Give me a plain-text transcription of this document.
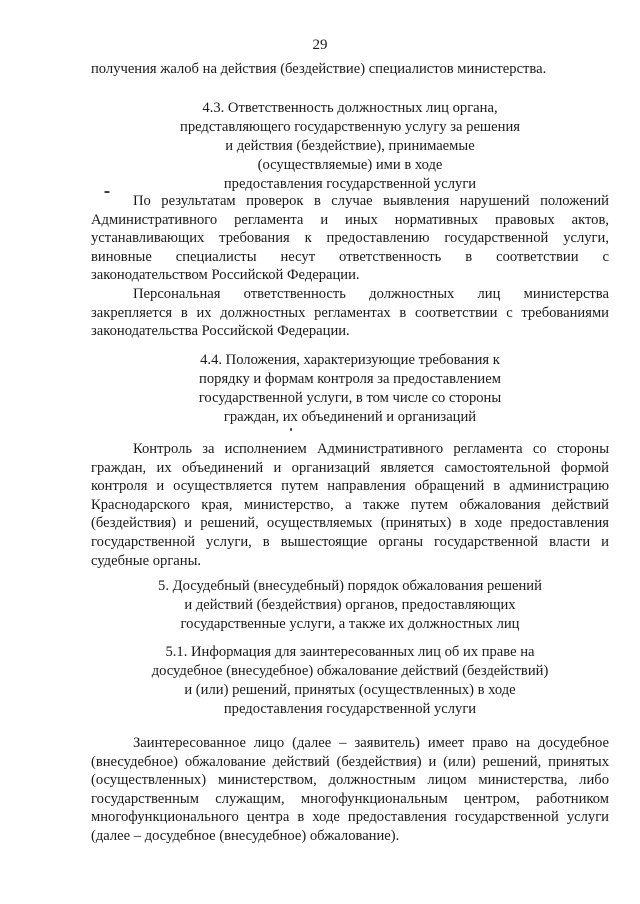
29
получения жалоб на действия (бездействие) специалистов министерства.
4.3. Ответственность должностных лиц органа,
представляющего государственную услугу за решения
и действия (бездействие), принимаемые
(осуществляемые) ими в ходе
предоставления государственной услуги
По результатам проверок в случае выявления нарушений положений
Административного регламента и иных нормативных правовых актов,
устанавливающих требования к предоставлению государственной услуги,
виновные специалисты несут ответственность в соответствии с
законодательством Российской Федерации.
Персональная ответственность должностных лиц министерства
закрепляется в их должностных регламентах в соответствии с требованиями
законодательства Российской Федерации.
4.4. Положения, характеризующие требования к
порядку и формам контроля за предоставлением
государственной услуги, в том числе со стороны
граждан, их объединений и организаций
Контроль за исполнением Административного регламента со стороны
граждан, их объединений и организаций является самостоятельной формой
контроля и осуществляется путем направления обращений в администрацию
Краснодарского края, министерство, а также путем обжалования действий
(бездействия) и решений, осуществляемых (принятых) в ходе предоставления
государственной услуги, в вышестоящие органы государственной власти и
судебные органы.
5. Досудебный (внесудебный) порядок обжалования решений
и действий (бездействия) органов, предоставляющих
государственные услуги, а также их должностных лиц
5.1. Информация для заинтересованных лиц об их праве на
досудебное (внесудебное) обжалование действий (бездействий)
и (или) решений, принятых (осуществленных) в ходе
предоставления государственной услуги
Заинтересованное лицо (далее – заявитель) имеет право на досудебное
(внесудебное) обжалование действий (бездействия) и (или) решений, принятых
(осуществленных) министерством, должностным лицом министерства, либо
государственным служащим, многофункциональным центром, работником
многофункционального центра в ходе предоставления государственной услуги
(далее – досудебное (внесудебное) обжалование).
